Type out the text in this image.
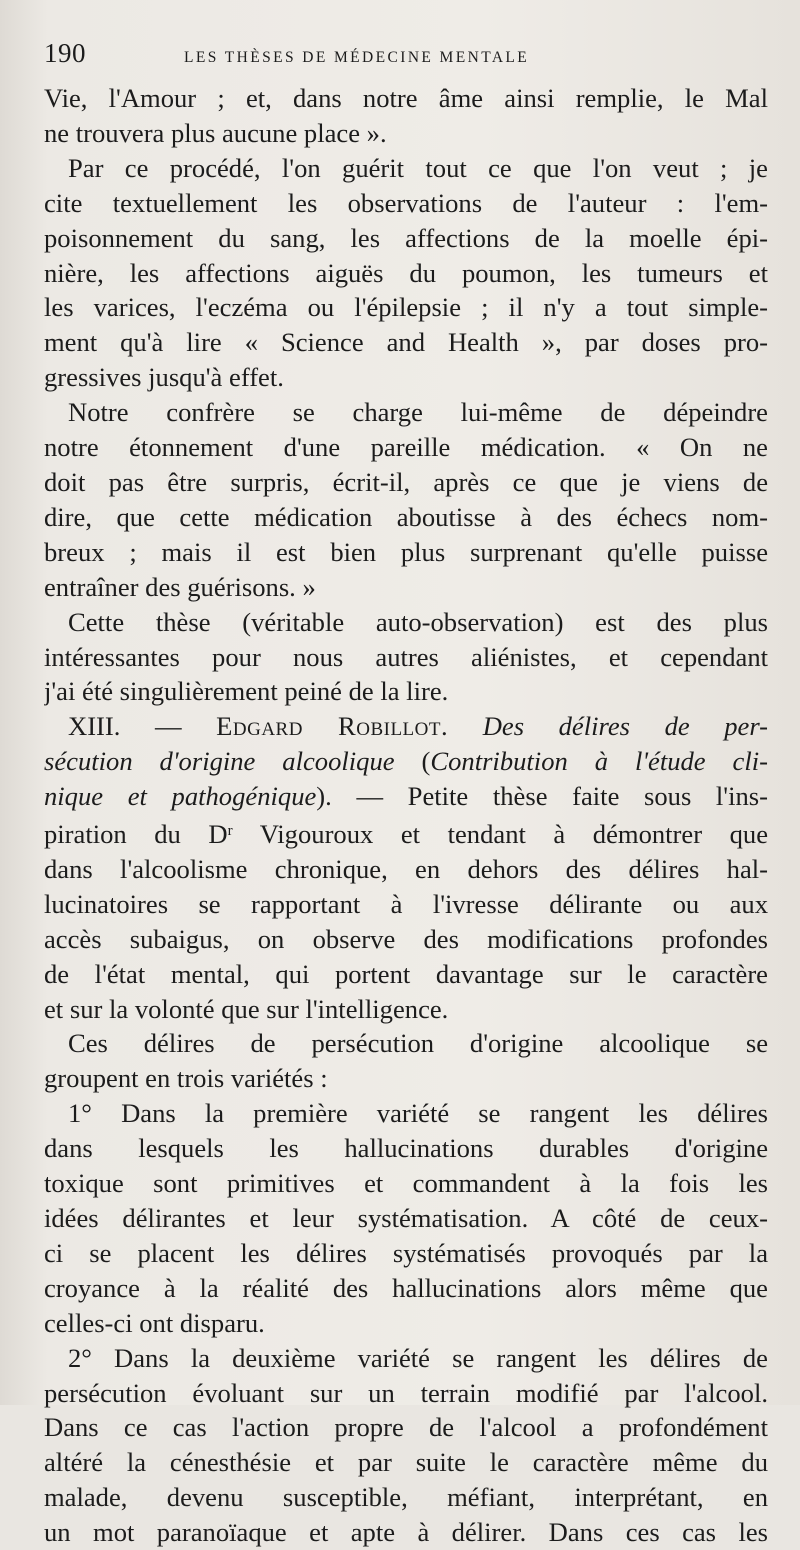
190	LES THÈSES DE MÉDECINE MENTALE
Vie, l'Amour ; et, dans notre âme ainsi remplie, le Mal
ne trouvera plus aucune place ».
Par ce procédé, l'on guérit tout ce que l'on veut ; je
cite textuellement les observations de l'auteur : l'em-
poisonnement du sang, les affections de la moelle épi-
nière, les affections aiguës du poumon, les tumeurs et
les varices, l'eczéma ou l'épilepsie ; il n'y a tout simple-
ment qu'à lire « Science and Health », par doses pro-
gressives jusqu'à effet.
Notre confrère se charge lui-même de dépeindre
notre étonnement d'une pareille médication. « On ne
doit pas être surpris, écrit-il, après ce que je viens de
dire, que cette médication aboutisse à des échecs nom-
breux ; mais il est bien plus surprenant qu'elle puisse
entraîner des guérisons. »
Cette thèse (véritable auto-observation) est des plus
intéressantes pour nous autres aliénistes, et cependant
j'ai été singulièrement peiné de la lire.
XIII. — Edgard Robillot. Des délires de per-
sécution d'origine alcoolique (Contribution à l'étude cli-
nique et pathogénique). — Petite thèse faite sous l'ins-
piration du $D^r$ Vigouroux et tendant à démontrer que
dans l'alcoolisme chronique, en dehors des délires hal-
lucinatoires se rapportant à l'ivresse délirante ou aux
accès subaigus, on observe des modifications profondes
de l'état mental, qui portent davantage sur le caractère
et sur la volonté que sur l'intelligence.
Ces délires de persécution d'origine alcoolique se
groupent en trois variétés :
1° Dans la première variété se rangent les délires
dans lesquels les hallucinations durables d'origine
toxique sont primitives et commandent à la fois les
idées délirantes et leur systématisation. A côté de ceux-
ci se placent les délires systématisés provoqués par la
croyance à la réalité des hallucinations alors même que
celles-ci ont disparu.
2° Dans la deuxième variété se rangent les délires de
persécution évoluant sur un terrain modifié par l'alcool.
Dans ce cas l'action propre de l'alcool a profondément
altéré la cénesthésie et par suite le caractère même du
malade, devenu susceptible, méfiant, interprétant, en
un mot paranoïaque et apte à délirer. Dans ces cas les
